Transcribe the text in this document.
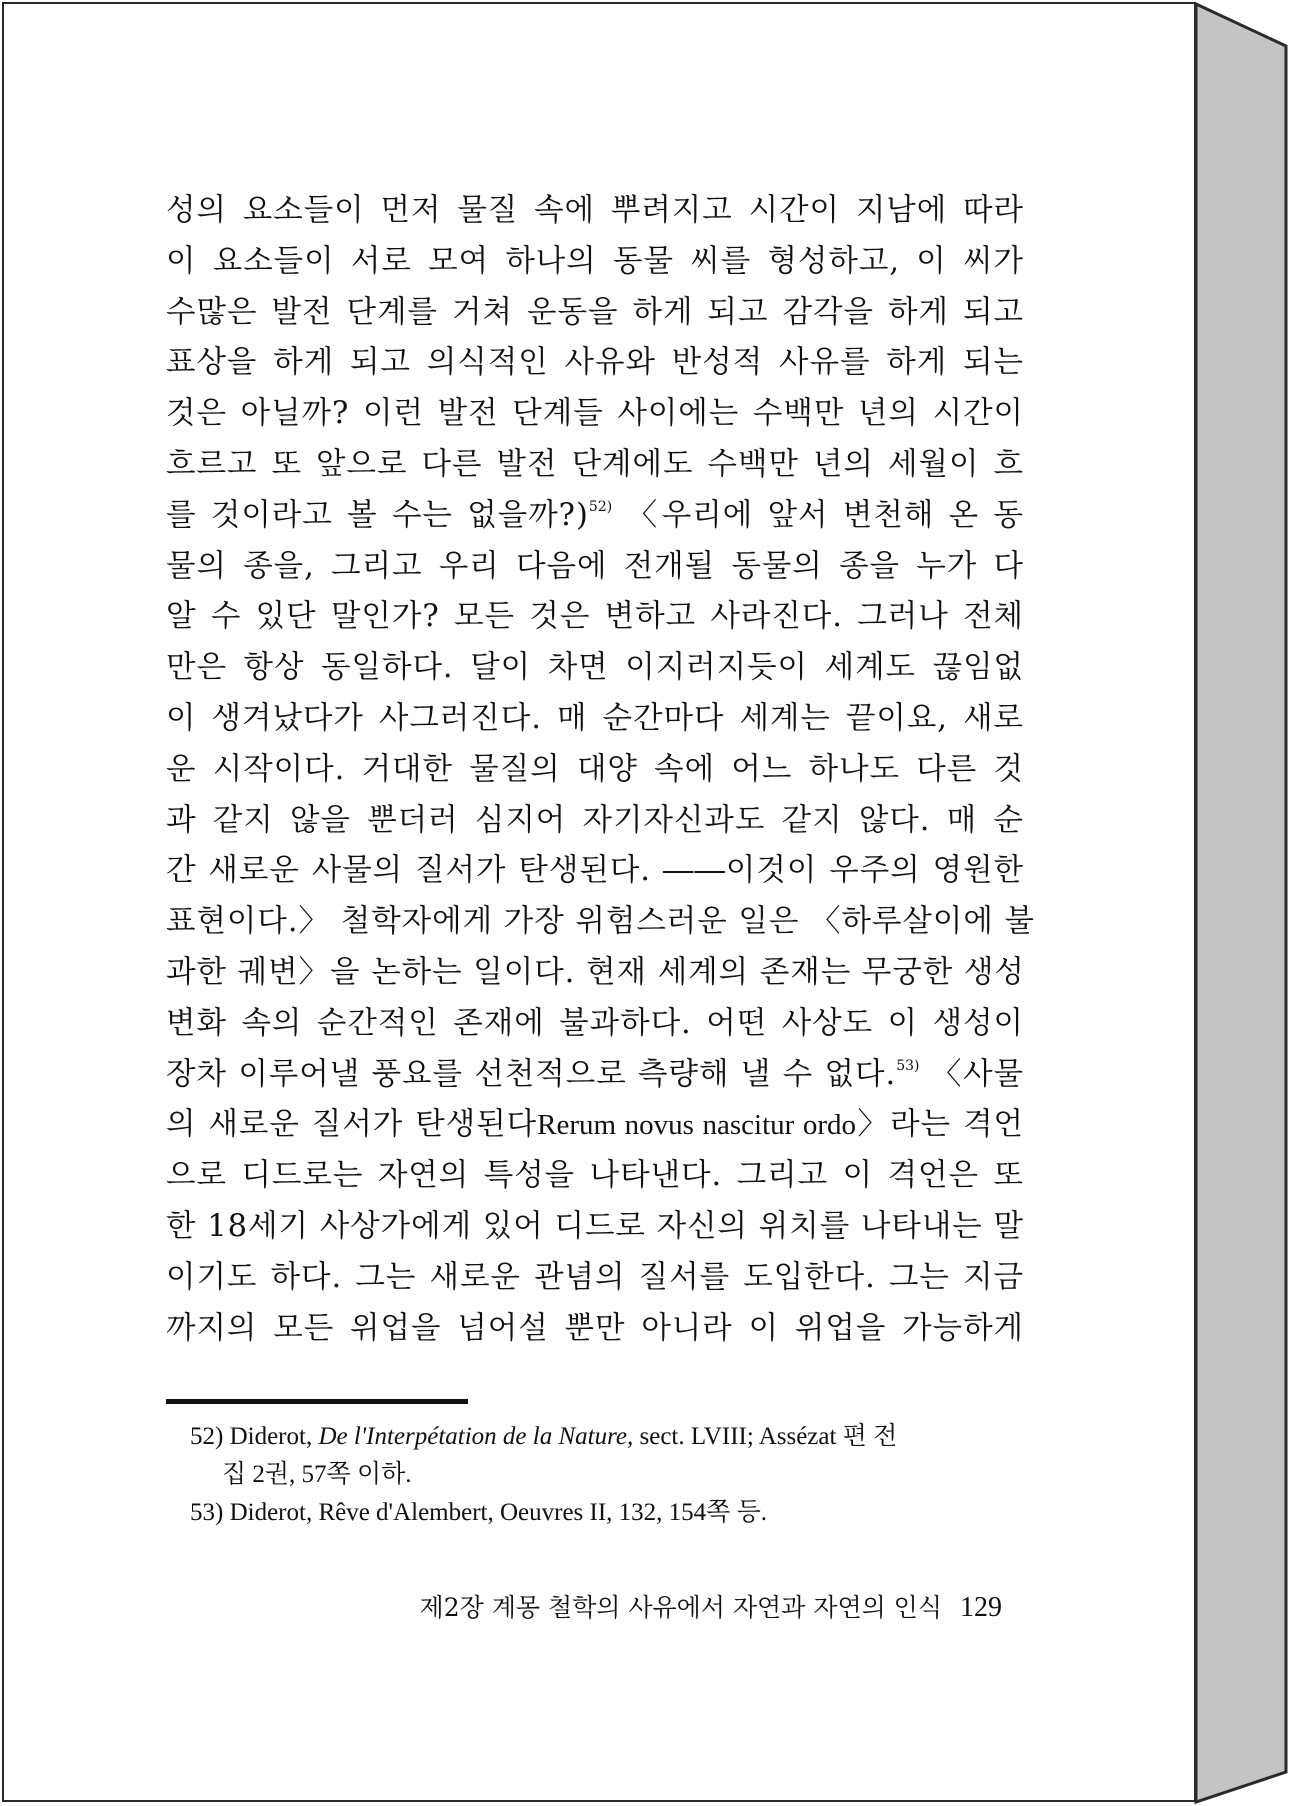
성의 요소들이 먼저 물질 속에 뿌려지고 시간이 지남에 따라
이 요소들이 서로 모여 하나의 동물 씨를 형성하고, 이 씨가
수많은 발전 단계를 거쳐 운동을 하게 되고 감각을 하게 되고
표상을 하게 되고 의식적인 사유와 반성적 사유를 하게 되는
것은 아닐까? 이런 발전 단계들 사이에는 수백만 년의 시간이
흐르고 또 앞으로 다른 발전 단계에도 수백만 년의 세월이 흐
를 것이라고 볼 수는 없을까?)$^{52)}$ 〈우리에 앞서 변천해 온 동
물의 종을, 그리고 우리 다음에 전개될 동물의 종을 누가 다
알 수 있단 말인가? 모든 것은 변하고 사라진다. 그러나 전체
만은 항상 동일하다. 달이 차면 이지러지듯이 세계도 끊임없
이 생겨났다가 사그러진다. 매 순간마다 세계는 끝이요, 새로
운 시작이다. 거대한 물질의 대양 속에 어느 하나도 다른 것
과 같지 않을 뿐더러 심지어 자기자신과도 같지 않다. 매 순
간 새로운 사물의 질서가 탄생된다. ――이것이 우주의 영원한
표현이다.〉 철학자에게 가장 위험스러운 일은 〈하루살이에 불
과한 궤변〉을 논하는 일이다. 현재 세계의 존재는 무궁한 생성
변화 속의 순간적인 존재에 불과하다. 어떤 사상도 이 생성이
장차 이루어낼 풍요를 선천적으로 측량해 낼 수 없다.$^{53)}$ 〈사물
의 새로운 질서가 탄생된다Rerum novus nascitur ordo〉라는 격언
으로 디드로는 자연의 특성을 나타낸다. 그리고 이 격언은 또
한 18세기 사상가에게 있어 디드로 자신의 위치를 나타내는 말
이기도 하다. 그는 새로운 관념의 질서를 도입한다. 그는 지금
까지의 모든 위업을 넘어설 뿐만 아니라 이 위업을 가능하게
52) Diderot, De l'Interpétation de la Nature, sect. LVIII; Assézat 편 전
집 2권, 57쪽 이하.
53) Diderot, Rêve d'Alembert, Oeuvres II, 132, 154쪽 등.
제2장 계몽 철학의 사유에서 자연과 자연의 인식 129
